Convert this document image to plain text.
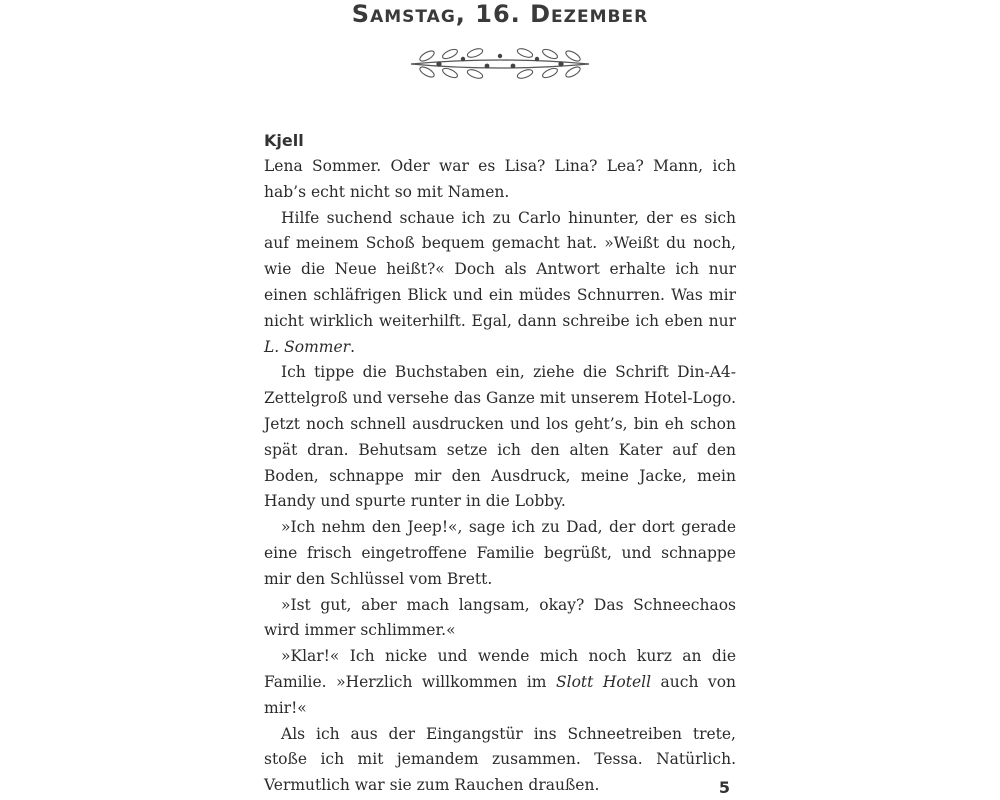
Samstag, 16. Dezember
Kjell

Lena Sommer. Oder war es Lisa? Lina? Lea? Mann, ich hab’s echt nicht so mit Namen.

Hilfe suchend schaue ich zu Carlo hinunter, der es sich auf meinem Schoß bequem gemacht hat. »Weißt du noch, wie die Neue heißt?« Doch als Antwort erhalte ich nur einen schläfrigen Blick und ein müdes Schnurren. Was mir nicht wirklich weiterhilft. Egal, dann schreibe ich eben nur L. Sommer.

Ich tippe die Buchstaben ein, ziehe die Schrift Din-A4-Zettelgroß und versehe das Ganze mit unserem Hotel-Logo. Jetzt noch schnell ausdrucken und los geht’s, bin eh schon spät dran. Behutsam setze ich den alten Kater auf den Boden, schnappe mir den Ausdruck, meine Jacke, mein Handy und spurte runter in die Lobby.

»Ich nehm den Jeep!«, sage ich zu Dad, der dort gerade eine frisch eingetroffene Familie begrüßt, und schnappe mir den Schlüssel vom Brett.

»Ist gut, aber mach langsam, okay? Das Schneechaos wird immer schlimmer.«

»Klar!« Ich nicke und wende mich noch kurz an die Familie. »Herzlich willkommen im Slott Hotell auch von mir!«

Als ich aus der Eingangstür ins Schneetreiben trete, stoße ich mit jemandem zusammen. Tessa. Natürlich. Vermutlich war sie zum Rauchen draußen.	5
